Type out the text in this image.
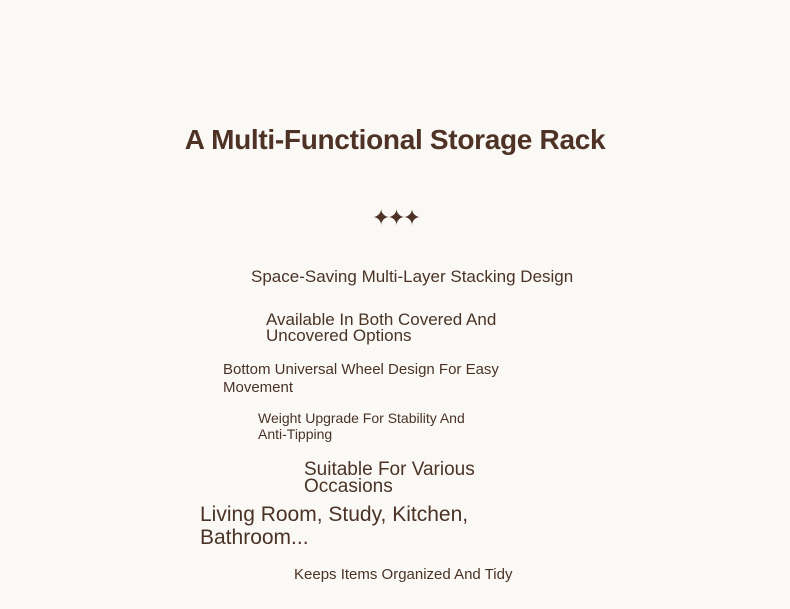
A Multi-Functional Storage Rack
✦✦✦
Space-Saving Multi-Layer Stacking Design
Available In Both Covered And Uncovered Options
Bottom Universal Wheel Design For Easy Movement
Weight Upgrade For Stability And Anti-Tipping
Suitable For Various Occasions
Living Room, Study, Kitchen, Bathroom...
Keeps Items Organized And Tidy
